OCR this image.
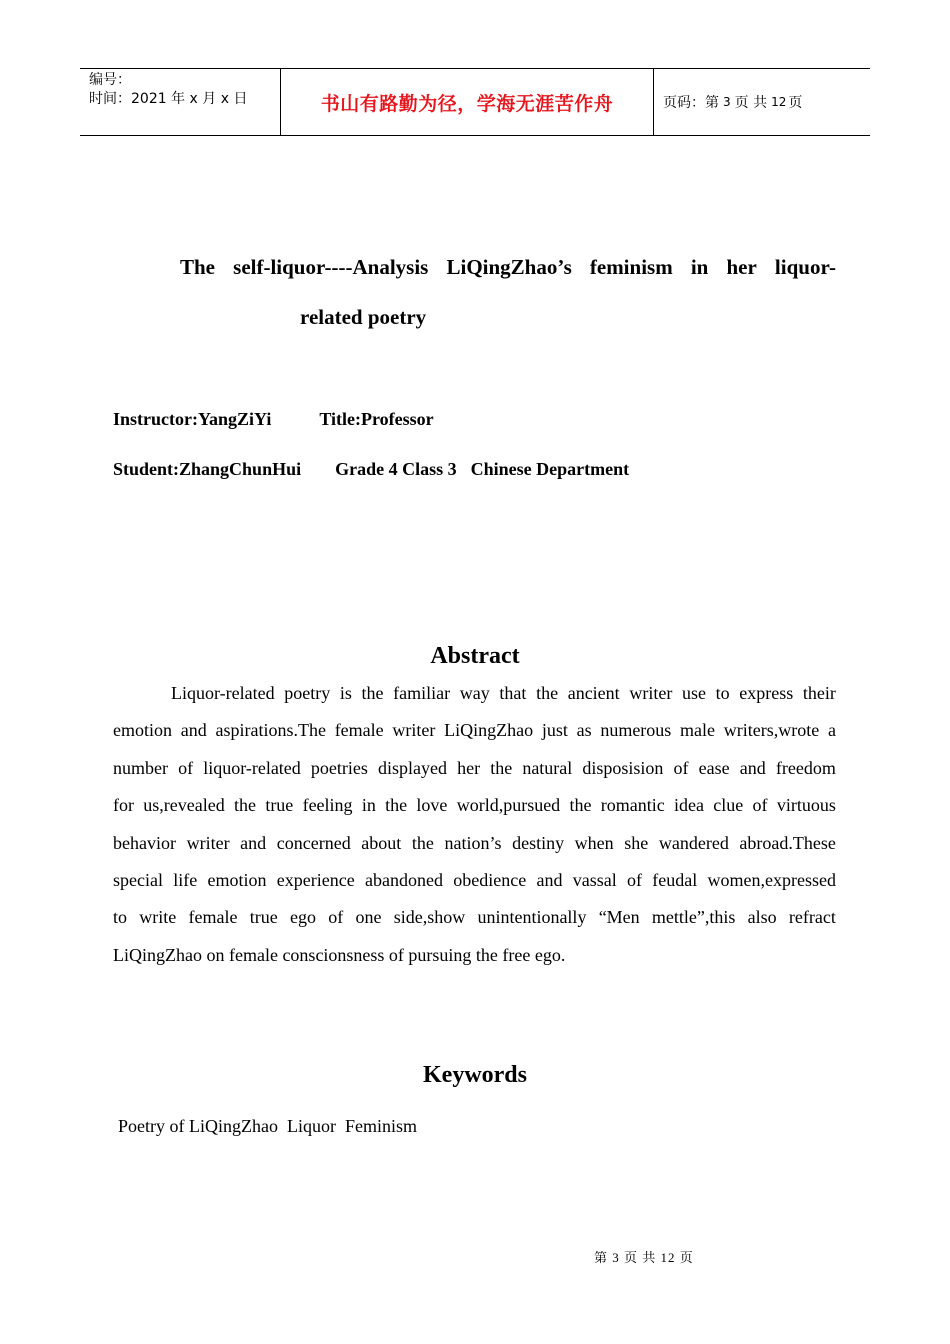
编号：
时间：2021 年 x 月 x 日	书山有路勤为径，学海无涯苦作舟	页码：第 3 页 共 12 页
The self-liquor----Analysis LiQingZhao’s feminism in her liquor-
related poetry
Instructor:YangZiYi	Title:Professor
Student:ZhangChunHui Grade 4 Class 3 Chinese Department
Abstract
Liquor-related poetry is the familiar way that the ancient writer use to express their
emotion and aspirations.The female writer LiQingZhao just as numerous male writers,wrote a
number of liquor-related poetries displayed her the natural disposision of ease and freedom
for us,revealed the true feeling in the love world,pursued the romantic idea clue of virtuous
behavior writer and concerned about the nation’s destiny when she wandered abroad.These
special life emotion experience abandoned obedience and vassal of feudal women,expressed
to write female true ego of one side,show unintentionally “Men mettle”,this also refract
LiQingZhao on female conscionsness of pursuing the free ego.
Keywords
Poetry of LiQingZhao  Liquor  Feminism
第 3 页 共 12 页
